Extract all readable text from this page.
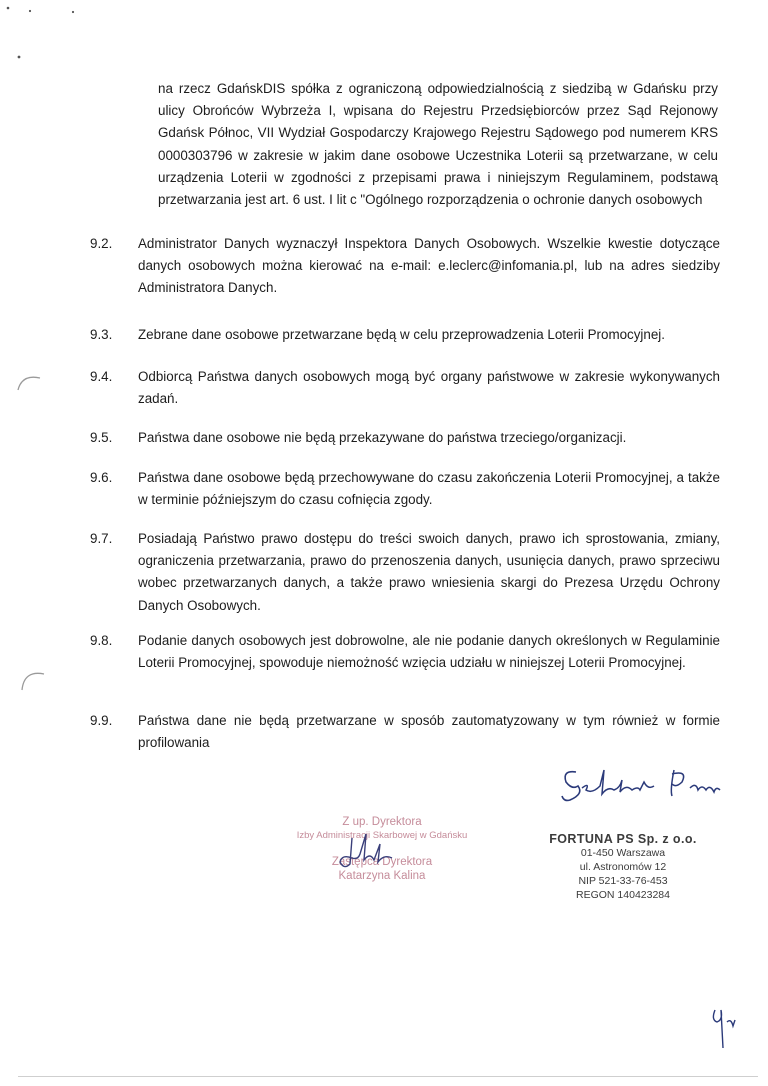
na rzecz GdańskDIS spółka z ograniczoną odpowiedzialnością z siedzibą w Gdańsku przy ulicy Obrońców Wybrzeża I, wpisana do Rejestru Przedsiębiorców przez Sąd Rejonowy Gdańsk Północ, VII Wydział Gospodarczy Krajowego Rejestru Sądowego pod numerem KRS 0000303796 w zakresie w jakim dane osobowe Uczestnika Loterii są przetwarzane, w celu urządzenia Loterii w zgodności z przepisami prawa i niniejszym Regulaminem, podstawą przetwarzania jest art. 6 ust. I lit c "Ogólnego rozporządzenia o ochronie danych osobowych
9.2.	Administrator Danych wyznaczył Inspektora Danych Osobowych. Wszelkie kwestie dotyczące danych osobowych można kierować na e-mail: e.leclerc@infomania.pl, lub na adres siedziby Administratora Danych.
9.3.	Zebrane dane osobowe przetwarzane będą w celu przeprowadzenia Loterii Promocyjnej.
9.4.	Odbiorcą Państwa danych osobowych mogą być organy państwowe w zakresie wykonywanych zadań.
9.5.	Państwa dane osobowe nie będą przekazywane do państwa trzeciego/organizacji.
9.6.	Państwa dane osobowe będą przechowywane do czasu zakończenia Loterii Promocyjnej, a także w terminie późniejszym do czasu cofnięcia zgody.
9.7.	Posiadają Państwo prawo dostępu do treści swoich danych, prawo ich sprostowania, zmiany, ograniczenia przetwarzania, prawo do przenoszenia danych, usunięcia danych, prawo sprzeciwu wobec przetwarzanych danych, a także prawo wniesienia skargi do Prezesa Urzędu Ochrony Danych Osobowych.
9.8.	Podanie danych osobowych jest dobrowolne, ale nie podanie danych określonych w Regulaminie Loterii Promocyjnej, spowoduje niemożność wzięcia udziału w niniejszej Loterii Promocyjnej.
9.9.	Państwa dane nie będą przetwarzane w sposób zautomatyzowany w tym również w formie profilowania
Z up. Dyrektora
Izby Administracji Skarbowej w Gdańsku
Zastępca Dyrektora
Katarzyna Kalina
FORTUNA PS Sp. z o.o.
01-450 Warszawa
ul. Astronomów 12
NIP 521-33-76-453
REGON 140423284
